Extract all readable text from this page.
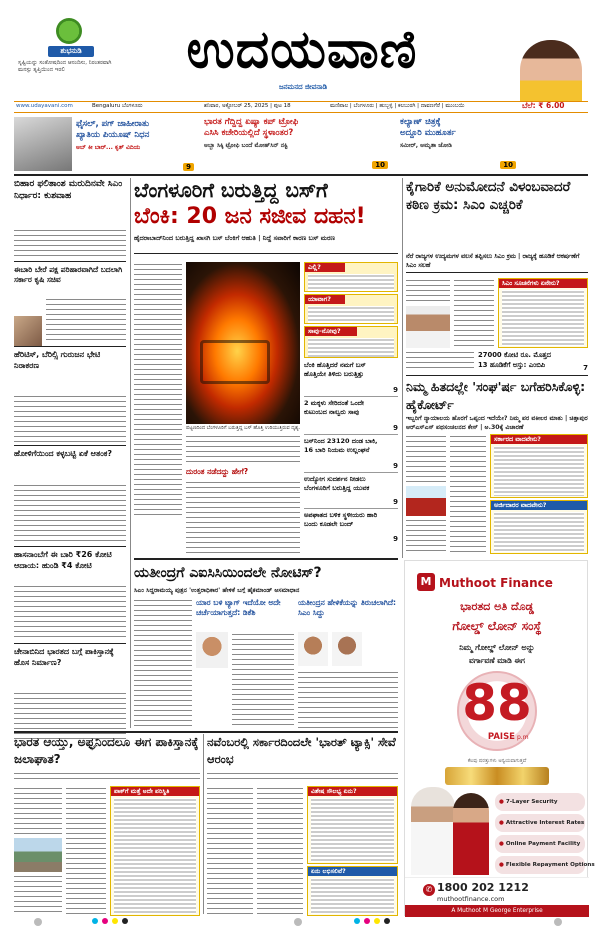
ಶುಭನುಡಿ
ಸೃಷ್ಟಿಯನ್ನು ಸಂತೋಷದಿಂದ ಆನಂದಿಸು, ನಿರಂತರವಾಗಿ ಮನಸ್ಸು ತೃಪ್ತಿಯಿಂದ ಇರಲಿ	ಉದಯವಾಣಿ
ಜನಮನದ ಜೀವನಾಡಿ
www.udayavani.com	Bengaluru ಬೆಂಗಳೂರು	ಶನಿವಾರ, ಅಕ್ಟೋಬರ್ 25, 2025 | ಪುಟ 18	ಮಣಿಪಾಲ | ಬೆಂಗಳೂರು | ಹುಬ್ಬಳ್ಳಿ | ಕಲಬುರಗಿ | ದಾವಣಗೆರೆ | ಮುಂಬಯಿ	ಬೆಲೆ: ₹ 6.00
ಫೈಸಲ್, ಪಗ್ ಜಾಹೀರಾತು
ಖ್ಯಾತಿಯ ಪಿಯೂಷ್ ನಿಧನ
ಅಬ್ ಕೀ ಬಾರ್... ಕೃತ್ ವಿದಿಯ
9
ಭಾರತ ಗೆದ್ದಿದ್ದ ಏಷ್ಯಾ ಕಪ್ ಟ್ರೋಫಿ
ಎಸಿಸಿ ಕಚೇರಿಯಲ್ಲಿದೆ ಸ್ಥಳಾಂತರ?
ಅಬ್ಬಾ ಸಿಕ್ಕಿ ಟ್ರೋಫಿ ಬಂದೆ ಮೋಹ್‌ಸಿನ್ ನಕ್ವಿ
10
ಕಲ್ಯಾಣ್ ಚಿತ್ರಕ್ಕೆ
ಅದ್ದೂರಿ ಮುಹೂರ್ತ
ಸಮೀರ್, ಅಮೃತಾ ಜೋಡಿ
10
ಬಿಹಾರ ಫಲಿತಾಂಶ ಮರುದಿನವೇ ಸಿಎಂ ನಿರ್ಧಾರ: ಕುಶವಾಹ
ಈಬಾರಿ ಬೇರೆ ಪಕ್ಷ ಪರಿಹಾರವಾಗಿದೆ ಬದಲಾಗಿ ಸರ್ಕಾರ ಕೃಷಿ ಸಚಿವ
ಹೆರಿಟಿಸ್, ಬೆರಿಲ್ಸಿ ಗುರುಜನ ಭೇಟಿ ನಿರಾಕರಣ
ಹೋಳಿಗೆಯಿಂದ ಕಳ್ಳಬಟ್ಟಿ ಏಕೆ ಆತಂಕ?
ಹಾಸನಾಂಬೆಗೆ ಈ ಬಾರಿ ₹26 ಕೋಟಿ ಆದಾಯ: ಹುಂಡಿ ₹4 ಕೋಟಿ
ಚೇನಾಬಿನಿದ ಭಾರತದ ಬಗ್ಗೆ ಪಾಕಿಸ್ತಾನಕ್ಕೆ ಹೊಸ ನಿರ್ಮಾಣ?
ಬೆಂಗಳೂರಿಗೆ ಬರುತ್ತಿದ್ದ ಬಸ್‌ಗೆ
ಬೆಂಕಿ: 20 ಜನ ಸಜೀವ ದಹನ!
ಹೈದರಾಬಾದ್‌ನಿಂದ ಬರುತ್ತಿದ್ದ ಖಾಸಗಿ ಬಸ್ ಬೆಂಕಿಗೆ ಆಹುತಿ | ನಿದ್ದೆ ಸವಾರಿಗೆ ಕಾರಣ ಬಸ್ ಮರಣ
ಪಟ್ಟಣದಿಂದ ಬೆಂಗಳೂರಿಗೆ ಬರುತ್ತಿದ್ದ ಬಸ್ ಹೊತ್ತಿ ಉರಿಯುತ್ತಿರುವ ದೃಶ್ಯ.
ದುರಂತ ನಡೆದದ್ದು ಹೇಗೆ?
ಎಲ್ಲಿ?
ಯಾವಾಗ?
ಸಾವು-ನೋವು?
ಬೆಂಕಿ ಹೊತ್ತಿದರೆ ನಮಗೆ ಬಸ್‌ ಹೊತ್ತಿಯೇ ತಿಳಿದು ಬರುತ್ತಿತ್ತು
9
2 ಮಕ್ಕಳು ಸೇರಿದಂತೆ ಒಂದೇ ಕುಟುಂಬದ ನಾಲ್ವರು ಸಾವು
9
ಬಸ್‌ನಿಂದ 23120 ದಂಡ ಬಾಕಿ, 16 ಬಾರಿ ನಿಯಮ ಉಲ್ಲಂಘನೆ
9
ಉದ್ಯೋಗ ಸುದರ್ಶನ ನೀಡಲು ಬೆಂಗಳೂರಿಗೆ ಬರುತ್ತಿದ್ದ ಯುವಕ
9
ಅಪಘಾತದ ಬಳಿಕ ಸ್ಥಳೀಯರು ಹಾರಿ ಬಂದು ಕೂಡಲೇ ಬಂದ್
9
ಕೈಗಾರಿಕೆ ಅನುಮೋದನೆ ವಿಳಂಬವಾದರೆ ಕಠಿಣ ಕ್ರಮ: ಸಿಎಂ ಎಚ್ಚರಿಕೆ
ನೆರೆ ರಾಜ್ಯಗಳ ಉದ್ಯಮಗಳ ವಲಸೆ ತಪ್ಪಿಸಲು ಸಿಎಂ ಕ್ರಮ | ರಾಜ್ಯಕ್ಕೆ ಹೂಡಿಕೆ ಆಕರ್ಷಣೆಗೆ ಸಿಎಂ ಸಲಹೆ
ಸಿಎಂ ಸೂಚನೆಗಳು ಏನೇನು?
27000 ಕೋಟಿ ರೂ. ಮೊತ್ತದ
13 ಹೂಡಿಕೆಗೆ ಅಸ್ತು: ಎಂಬಿಪಿ	7
ನಿಮ್ಮ ಹಿತದಲ್ಲೇ 'ಸಂಘ'ರ್ಷ ಬಗೆಹರಿಸಿಕೊಳ್ಳಿ: ಹೈಕೋರ್ಟ್
ಇಬ್ಬರಿಗೆ ನ್ಯಾಯಾಲಯ ಹೊರಗೆ ಒಪ್ಪಂದ ಇದೆಯೇ? ನಿಮ್ಮ ಪರ ವಕೀಲರ ಮಾತು | ಚಿತ್ತಾಪುರ ಆರ್‌ಎಸ್‌ಎಸ್ ಪಥಸಂಚಲನದ ಕೇಸ್ | ಅ.30ಕ್ಕೆ ವಿಚಾರಣೆ
ಸರ್ಕಾರದ ವಾದವೇನು?
ಅರ್ಜಿದಾರರ ವಾದವೇನು?
ಯತೀಂದ್ರಗೆ ಎಐಸಿಸಿಯಿಂದಲೇ ನೋಟಿಸ್?
ಸಿಎಂ ಸಿದ್ದರಾಮಯ್ಯ ಪುತ್ರನ 'ಉತ್ತರಾಧಿಕಾರ' ಹೇಳಿಕೆ ಬಗ್ಗೆ ಹೈಕಮಾಂಡ್ ಅಸಮಾಧಾನ
ಯಾರ ಬಳಿ ಟ್ಯಾಗ್ ಇದೆಯೋ ಅದೇ ಚರ್ಚೆಯಾಗುತ್ತದೆ: ಡಿಕೆಶಿ
ಯತೀಂದ್ರನ ಹೇಳಿಕೆಯನ್ನು ತಿರುಚಲಾಗಿದೆ: ಸಿಎಂ ಸಿದ್ದು
ಭಾರತ ಆಯ್ತು, ಅಫ್ಘನಿಂದಲೂ ಈಗ ಪಾಕಿಸ್ತಾನಕ್ಕೆ ಜಲಾಘಾತ?
ಪಾಕ್‌ಗೆ ಮತ್ತೆ ಅದೇ ಪರಿಸ್ಥಿತಿ
ನವೆಂಬರಲ್ಲಿ ಸರ್ಕಾರದಿಂದಲೇ 'ಭಾರತ್ ಟ್ಯಾಕ್ಸಿ' ಸೇವೆ ಆರಂಭ
ವಿಶೇಷ ಸೌಲಭ್ಯ ಏನು?
ಏನು ಲಭಿಸಲಿವೆ?
M Muthoot Finance
ಭಾರತದ ಅತಿ ದೊಡ್ಡ
ಗೋಲ್ಡ್ ಲೋನ್ ಸಂಸ್ಥೆ
ನಿಮ್ಮ ಗೋಲ್ಡ್ ಲೋನ್ ಅನ್ನು
ವರ್ಗಾವಣೆ ಮಾಡಿ ಈಗ
88
PAISE p.m
ಕೆಲವು ಷರತ್ತುಗಳು ಅನ್ವಯವಾಗುತ್ತವೆ
● 7-Layer Security
● Attractive Interest Rates
● Online Payment Facility
● Flexible Repayment Options
✆ 1800 202 1212
muthootfinance.com
A Muthoot M George Enterprise
